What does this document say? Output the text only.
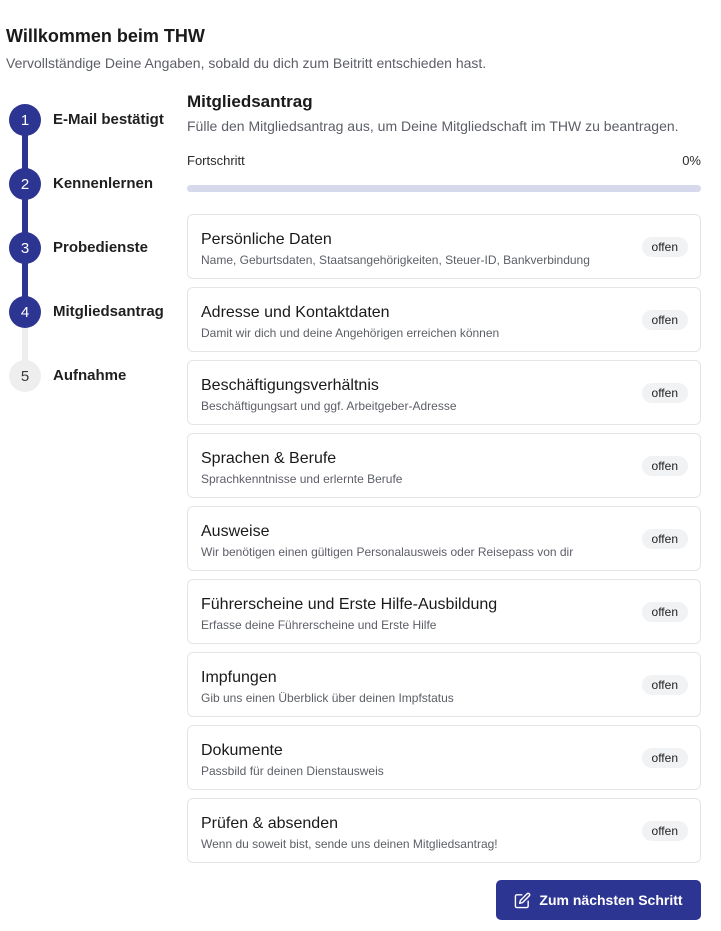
Willkommen beim THW
Vervollständige Deine Angaben, sobald du dich zum Beitritt entschieden hast.
1	E-Mail bestätigt
2	Kennenlernen
3	Probedienste
4	Mitgliedsantrag
5	Aufnahme
Mitgliedsantrag
Fülle den Mitgliedsantrag aus, um Deine Mitgliedschaft im THW zu beantragen.
Fortschritt	0%
Persönliche Daten
Name, Geburtsdaten, Staatsangehörigkeiten, Steuer-ID, Bankverbindung
offen
Adresse und Kontaktdaten
Damit wir dich und deine Angehörigen erreichen können
offen
Beschäftigungsverhältnis
Beschäftigungsart und ggf. Arbeitgeber-Adresse
offen
Sprachen & Berufe
Sprachkenntnisse und erlernte Berufe
offen
Ausweise
Wir benötigen einen gültigen Personalausweis oder Reisepass von dir
offen
Führerscheine und Erste Hilfe-Ausbildung
Erfasse deine Führerscheine und Erste Hilfe
offen
Impfungen
Gib uns einen Überblick über deinen Impfstatus
offen
Dokumente
Passbild für deinen Dienstausweis
offen
Prüfen & absenden
Wenn du soweit bist, sende uns deinen Mitgliedsantrag!
offen
Zum nächsten Schritt
